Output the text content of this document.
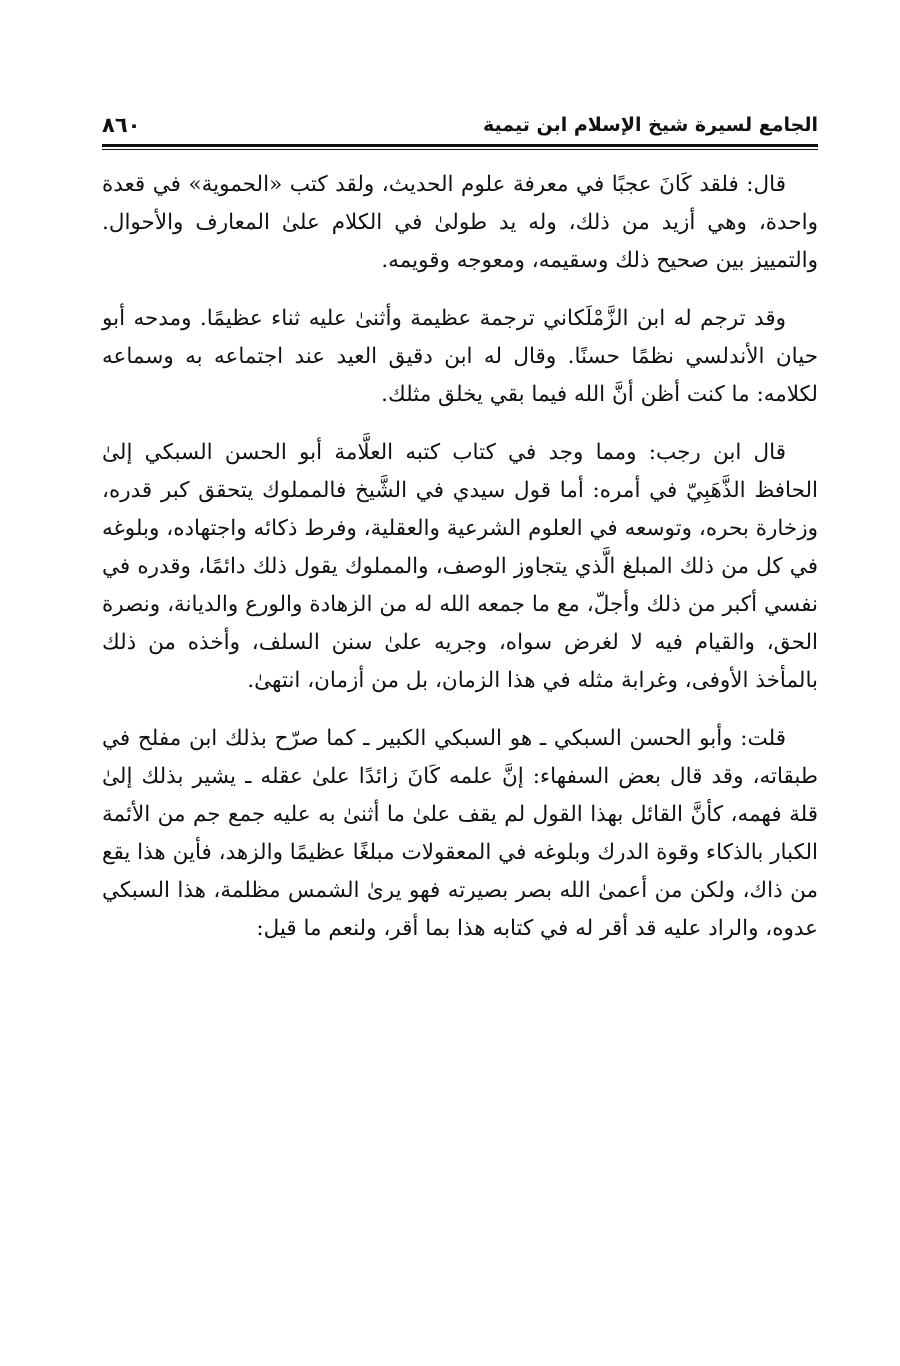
الجامع لسيرة شيخ الإسلام ابن تيمية
٨٦٠

قال: فلقد كَانَ عجبًا في معرفة علوم الحديث، ولقد كتب «الحموية» في قعدة واحدة، وهي أزيد من ذلك، وله يد طولىٰ في الكلام علىٰ المعارف والأحوال. والتمييز بين صحيح ذلك وسقيمه، ومعوجه وقويمه.

وقد ترجم له ابن الزَّمْلَكاني ترجمة عظيمة وأثنىٰ عليه ثناء عظيمًا. ومدحه أبو حيان الأندلسي نظمًا حسنًا. وقال له ابن دقيق العيد عند اجتماعه به وسماعه لكلامه: ما كنت أظن أنَّ الله فيما بقي يخلق مثلك.

قال ابن رجب: ومما وجد في كتاب كتبه العلَّامة أبو الحسن السبكي إلىٰ الحافظ الذَّهَبِيّ في أمره: أما قول سيدي في الشَّيخ فالمملوك يتحقق كبر قدره، وزخارة بحره، وتوسعه في العلوم الشرعية والعقلية، وفرط ذكائه واجتهاده، وبلوغه في كل من ذلك المبلغ الَّذي يتجاوز الوصف، والمملوك يقول ذلك دائمًا، وقدره في نفسي أكبر من ذلك وأجلّ، مع ما جمعه الله له من الزهادة والورع والديانة، ونصرة الحق، والقيام فيه لا لغرض سواه، وجريه علىٰ سنن السلف، وأخذه من ذلك بالمأخذ الأوفى، وغرابة مثله في هذا الزمان، بل من أزمان، انتهىٰ.

قلت: وأبو الحسن السبكي ـ هو السبكي الكبير ـ كما صرّح بذلك ابن مفلح في طبقاته، وقد قال بعض السفهاء: إنَّ علمه كَانَ زائدًا علىٰ عقله ـ يشير بذلك إلىٰ قلة فهمه، كأنَّ القائل بهذا القول لم يقف علىٰ ما أثنىٰ به عليه جمع جم من الأئمة الكبار بالذكاء وقوة الدرك وبلوغه في المعقولات مبلغًا عظيمًا والزهد، فأين هذا يقع من ذاك، ولكن من أعمىٰ الله بصر بصيرته فهو يرىٰ الشمس مظلمة، هذا السبكي عدوه، والراد عليه قد أقر له في كتابه هذا بما أقر، ولنعم ما قيل:
